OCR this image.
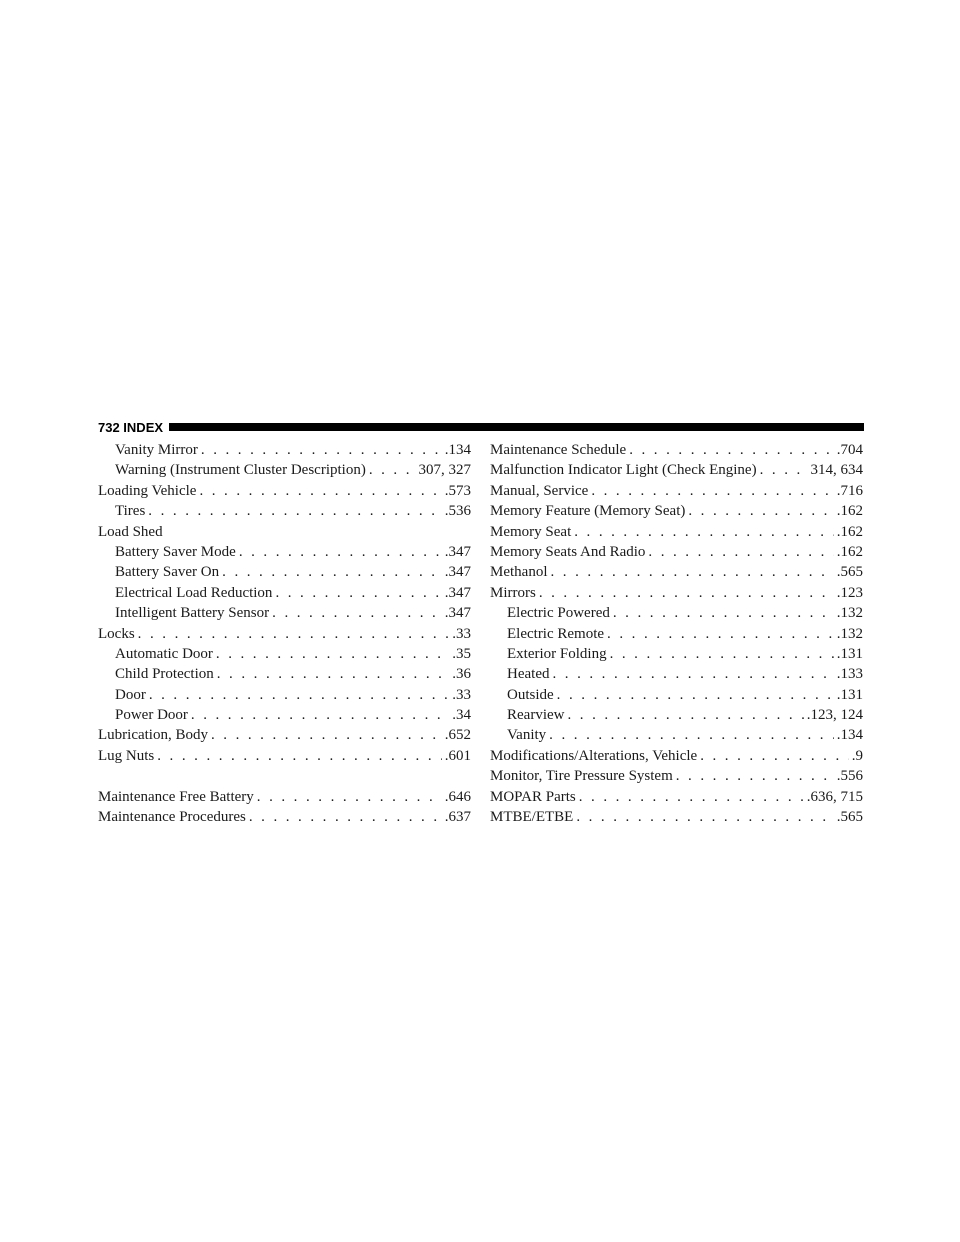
732 INDEX
Vanity Mirror . . .	.134
Warning (Instrument Cluster Description) . . .	307, 327
Loading Vehicle . . .	.573
Tires . . .	.536
Load Shed
Battery Saver Mode . . .	.347
Battery Saver On . . .	.347
Electrical Load Reduction . . .	.347
Intelligent Battery Sensor . . .	.347
Locks . . .	.33
Automatic Door . . .	.35
Child Protection . . .	.36
Door . . .	.33
Power Door . . .	.34
Lubrication, Body . . .	.652
Lug Nuts . . .	.601
Maintenance Free Battery . . .	.646
Maintenance Procedures . . .	.637
Maintenance Schedule . . .	.704
Malfunction Indicator Light (Check Engine) . . .	314, 634
Manual, Service . . .	.716
Memory Feature (Memory Seat) . . .	.162
Memory Seat . . .	.162
Memory Seats And Radio . . .	.162
Methanol . . .	.565
Mirrors . . .	.123
Electric Powered . . .	.132
Electric Remote . . .	.132
Exterior Folding . . .	.131
Heated . . .	.133
Outside . . .	.131
Rearview . . .	.123, 124
Vanity . . .	.134
Modifications/Alterations, Vehicle . . .	.9
Monitor, Tire Pressure System . . .	.556
MOPAR Parts . . .	.636, 715
MTBE/ETBE . . .	.565
